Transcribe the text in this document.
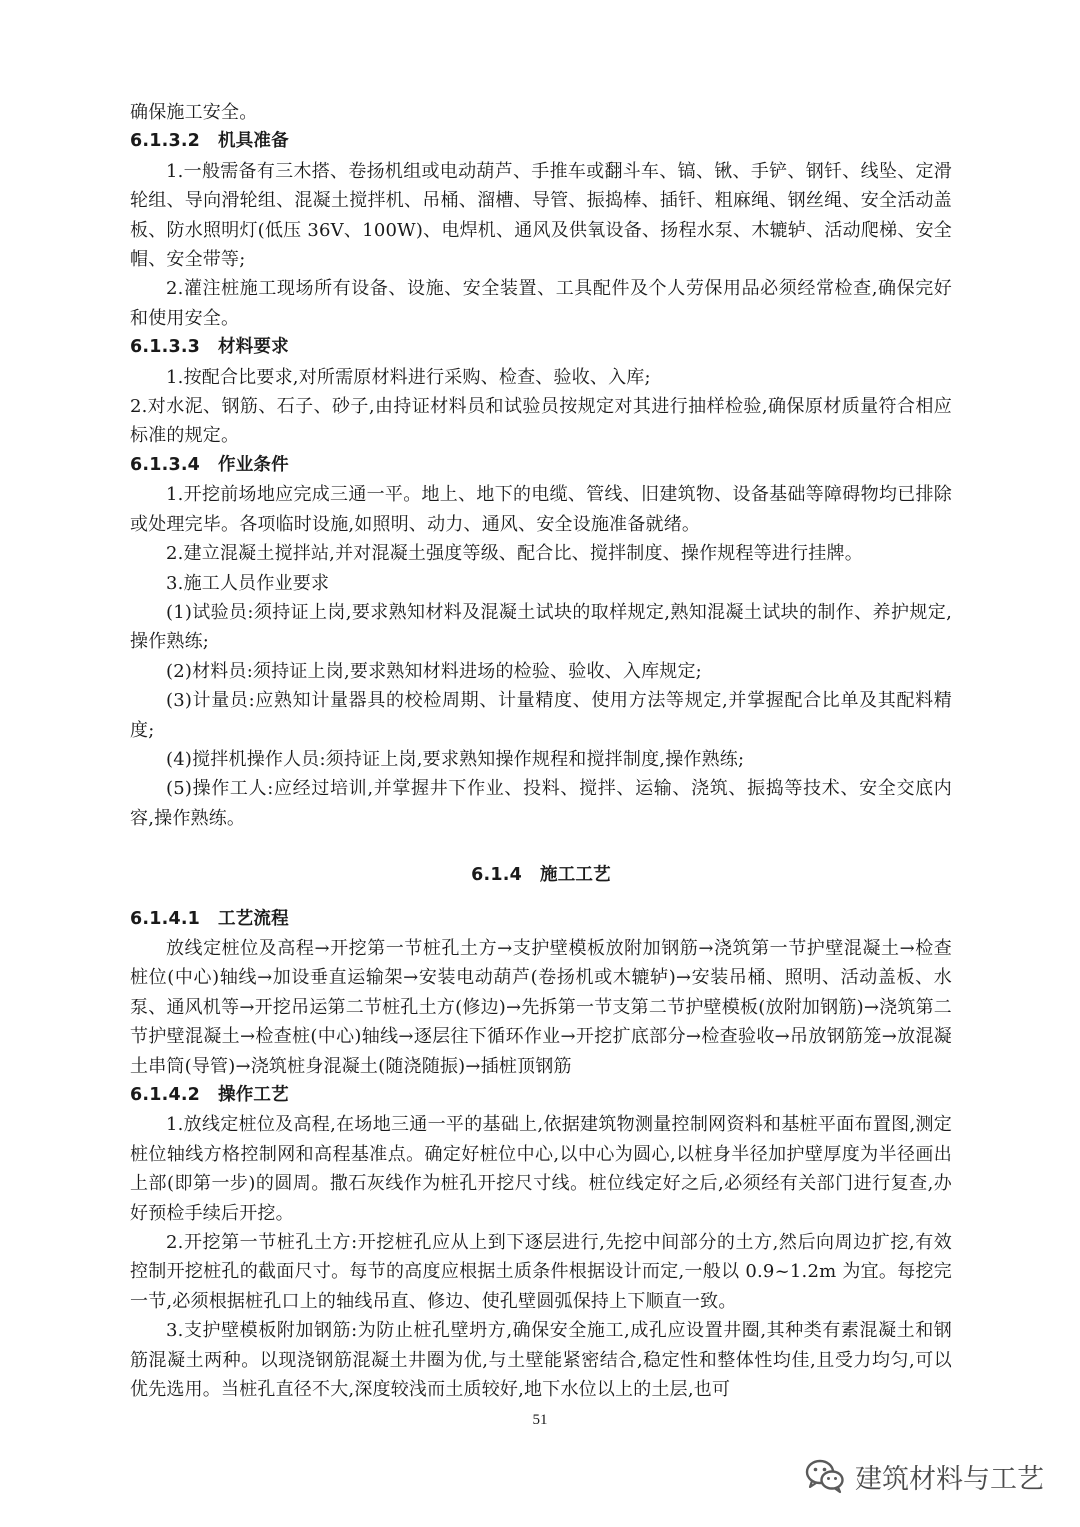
确保施工安全。

6.1.3.2 机具准备

1.一般需备有三木搭、卷扬机组或电动葫芦、手推车或翻斗车、镐、锹、手铲、钢钎、线坠、定滑轮组、导向滑轮组、混凝土搅拌机、吊桶、溜槽、导管、振捣棒、插钎、粗麻绳、钢丝绳、安全活动盖板、防水照明灯(低压 36V、100W)、电焊机、通风及供氧设备、扬程水泵、木辘轳、活动爬梯、安全帽、安全带等;

2.灌注桩施工现场所有设备、设施、安全装置、工具配件及个人劳保用品必须经常检查,确保完好和使用安全。

6.1.3.3 材料要求

1.按配合比要求,对所需原材料进行采购、检查、验收、入库;

2.对水泥、钢筋、石子、砂子,由持证材料员和试验员按规定对其进行抽样检验,确保原材质量符合相应标准的规定。

6.1.3.4 作业条件

1.开挖前场地应完成三通一平。地上、地下的电缆、管线、旧建筑物、设备基础等障碍物均已排除或处理完毕。各项临时设施,如照明、动力、通风、安全设施准备就绪。

2.建立混凝土搅拌站,并对混凝土强度等级、配合比、搅拌制度、操作规程等进行挂牌。

3.施工人员作业要求

(1)试验员:须持证上岗,要求熟知材料及混凝土试块的取样规定,熟知混凝土试块的制作、养护规定,操作熟练;

(2)材料员:须持证上岗,要求熟知材料进场的检验、验收、入库规定;

(3)计量员:应熟知计量器具的校检周期、计量精度、使用方法等规定,并掌握配合比单及其配料精度;

(4)搅拌机操作人员:须持证上岗,要求熟知操作规程和搅拌制度,操作熟练;

(5)操作工人:应经过培训,并掌握井下作业、投料、搅拌、运输、浇筑、振捣等技术、安全交底内容,操作熟练。

6.1.4 施工工艺

6.1.4.1 工艺流程

放线定桩位及高程→开挖第一节桩孔土方→支护壁模板放附加钢筋→浇筑第一节护壁混凝土→检查桩位(中心)轴线→加设垂直运输架→安装电动葫芦(卷扬机或木辘轳)→安装吊桶、照明、活动盖板、水泵、通风机等→开挖吊运第二节桩孔土方(修边)→先拆第一节支第二节护壁模板(放附加钢筋)→浇筑第二节护壁混凝土→检查桩(中心)轴线→逐层往下循环作业→开挖扩底部分→检查验收→吊放钢筋笼→放混凝土串筒(导管)→浇筑桩身混凝土(随浇随振)→插桩顶钢筋

6.1.4.2 操作工艺

1.放线定桩位及高程,在场地三通一平的基础上,依据建筑物测量控制网资料和基桩平面布置图,测定桩位轴线方格控制网和高程基准点。确定好桩位中心,以中心为圆心,以桩身半径加护壁厚度为半径画出上部(即第一步)的圆周。撒石灰线作为桩孔开挖尺寸线。桩位线定好之后,必须经有关部门进行复查,办好预检手续后开挖。

2.开挖第一节桩孔土方:开挖桩孔应从上到下逐层进行,先挖中间部分的土方,然后向周边扩挖,有效控制开挖桩孔的截面尺寸。每节的高度应根据土质条件根据设计而定,一般以 0.9~1.2m 为宜。每挖完一节,必须根据桩孔口上的轴线吊直、修边、使孔壁圆弧保持上下顺直一致。

3.支护壁模板附加钢筋:为防止桩孔壁坍方,确保安全施工,成孔应设置井圈,其种类有素混凝土和钢筋混凝土两种。以现浇钢筋混凝土井圈为优,与土壁能紧密结合,稳定性和整体性均佳,且受力均匀,可以优先选用。当桩孔直径不大,深度较浅而土质较好,地下水位以上的土层,也可

51
建筑材料与工艺
